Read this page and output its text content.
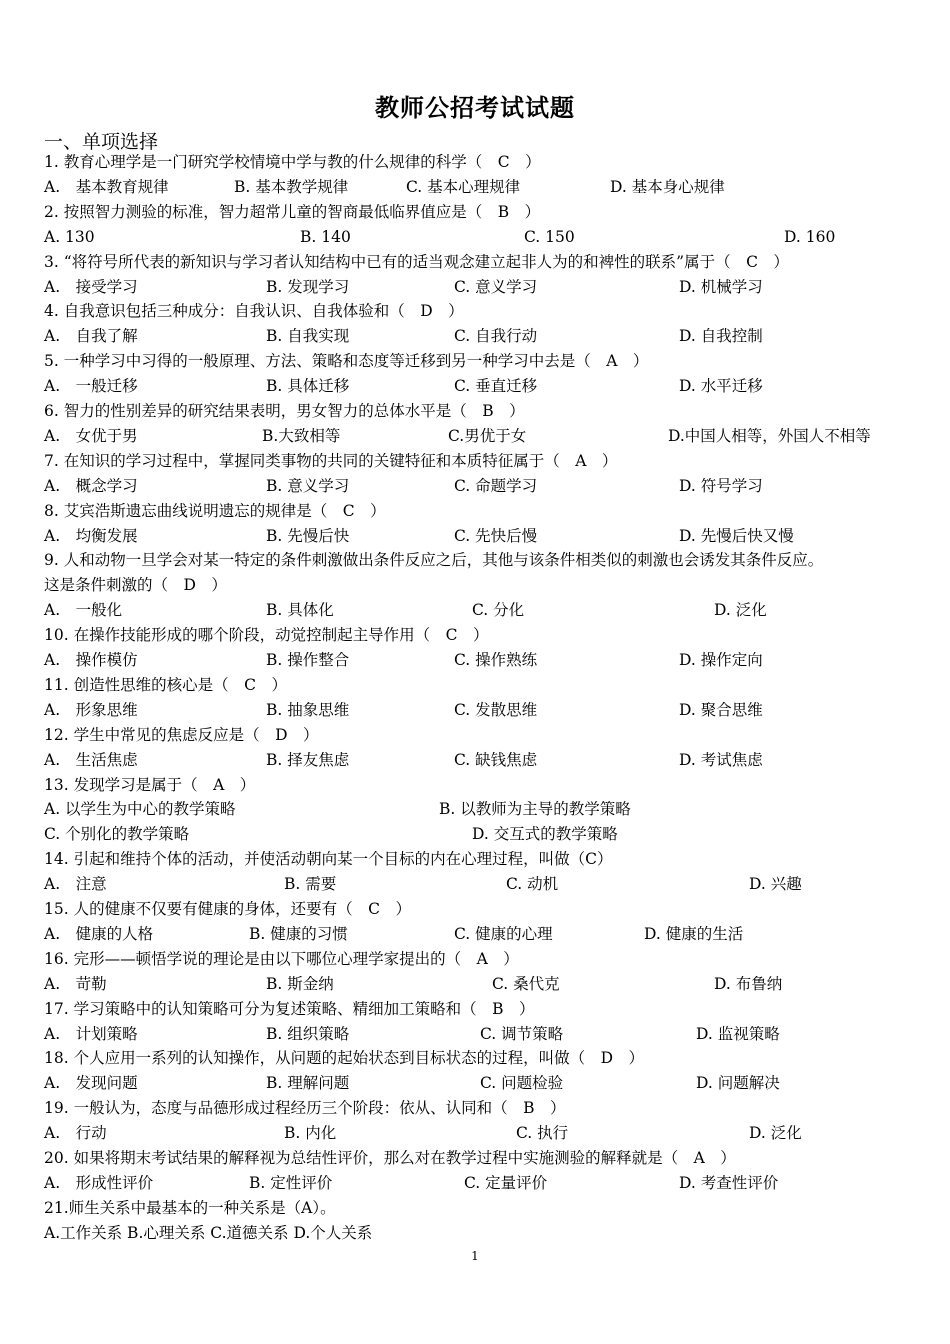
教师公招考试试题
一、单项选择
1. 教育心理学是一门研究学校情境中学与教的什么规律的科学（　C　）
A.　基本教育规律	B. 基本教学规律	C. 基本心理规律	D. 基本身心规律
2. 按照智力测验的标准，智力超常儿童的智商最低临界值应是（　B　）
A. 130	B. 140	C. 150	D. 160
3. “将符号所代表的新知识与学习者认知结构中已有的适当观念建立起非人为的和裨性的联系”属于（　C　）
A.　接受学习	B. 发现学习	C. 意义学习	D. 机械学习
4. 自我意识包括三种成分：自我认识、自我体验和（　D　）
A.　自我了解	B. 自我实现	C. 自我行动	D. 自我控制
5. 一种学习中习得的一般原理、方法、策略和态度等迁移到另一种学习中去是（　A　）
A.　一般迁移	B. 具体迁移	C. 垂直迁移	D. 水平迁移
6. 智力的性别差异的研究结果表明，男女智力的总体水平是（　B　）
A.　女优于男	B.大致相等	C.男优于女	D.中国人相等，外国人不相等
7. 在知识的学习过程中，掌握同类事物的共同的关键特征和本质特征属于（　A　）
A.　概念学习	B. 意义学习	C. 命题学习	D. 符号学习
8. 艾宾浩斯遗忘曲线说明遗忘的规律是（　C　）
A.　均衡发展	B. 先慢后快	C. 先快后慢	D. 先慢后快又慢
9. 人和动物一旦学会对某一特定的条件刺激做出条件反应之后，其他与该条件相类似的刺激也会诱发其条件反应。
这是条件刺激的（　D　）
A.　一般化	B. 具体化	C. 分化	D. 泛化
10. 在操作技能形成的哪个阶段，动觉控制起主导作用（　C　）
A.　操作模仿	B. 操作整合	C. 操作熟练	D. 操作定向
11. 创造性思维的核心是（　C　）
A.　形象思维	B. 抽象思维	C. 发散思维	D. 聚合思维
12. 学生中常见的焦虑反应是（　D　）
A.　生活焦虑	B. 择友焦虑	C. 缺钱焦虑	D. 考试焦虑
13. 发现学习是属于（　A　）
A. 以学生为中心的教学策略	B. 以教师为主导的教学策略
C. 个别化的教学策略	D. 交互式的教学策略
14. 引起和维持个体的活动，并使活动朝向某一个目标的内在心理过程，叫做（C）
A.　注意	B. 需要	C. 动机	D. 兴趣
15. 人的健康不仅要有健康的身体，还要有（　C　）
A.　健康的人格	B. 健康的习惯	C. 健康的心理	D. 健康的生活
16. 完形——顿悟学说的理论是由以下哪位心理学家提出的（　A　）
A.　苛勒	B. 斯金纳	C. 桑代克	D. 布鲁纳
17. 学习策略中的认知策略可分为复述策略、精细加工策略和（　B　）
A.　计划策略	B. 组织策略	C. 调节策略	D. 监视策略
18. 个人应用一系列的认知操作，从问题的起始状态到目标状态的过程，叫做（　D　）
A.　发现问题	B. 理解问题	C. 问题检验	D. 问题解决
19. 一般认为，态度与品德形成过程经历三个阶段：依从、认同和（　B　）
A.　行动	B. 内化	C. 执行	D. 泛化
20. 如果将期末考试结果的解释视为总结性评价，那么对在教学过程中实施测验的解释就是（　A　）
A.　形成性评价	B. 定性评价	C. 定量评价	D. 考查性评价
21.师生关系中最基本的一种关系是（A）。
A.工作关系 B.心理关系 C.道德关系 D.个人关系
1
